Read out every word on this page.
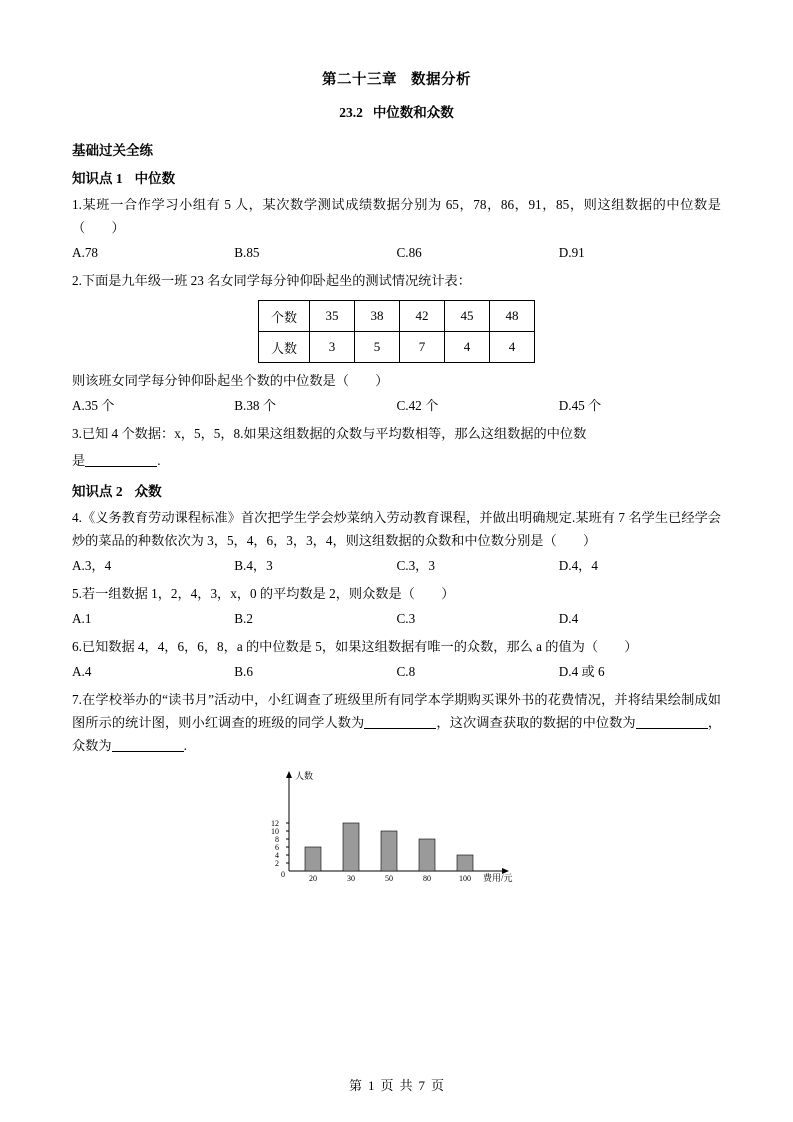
第二十三章 数据分析
23.2 中位数和众数
基础过关全练
知识点 1 中位数
1.某班一合作学习小组有 5 人，某次数学测试成绩数据分别为 65，78，86，91，85，则这组数据的中位数是（　　）
A.78	B.85	C.86	D.91
2.下面是九年级一班 23 名女同学每分钟仰卧起坐的测试情况统计表：
个数	35	38	42	45	48
人数	3	5	7	4	4
则该班女同学每分钟仰卧起坐个数的中位数是（　　）
A.35 个	B.38 个	C.42 个	D.45 个
3.已知 4 个数据：x，5，5，8.如果这组数据的众数与平均数相等，那么这组数据的中位数
是	.
知识点 2 众数
4.《义务教育劳动课程标准》首次把学生学会炒菜纳入劳动教育课程，并做出明确规定.某班有 7 名学生已经学会炒的菜品的种数依次为 3，5，4，6，3，3，4，则这组数据的众数和中位数分别是（　　）
A.3，4	B.4，3	C.3，3	D.4，4
5.若一组数据 1，2，4，3，x，0 的平均数是 2，则众数是（　　）
A.1	B.2	C.3	D.4
6.已知数据 4，4，6，6，8，a 的中位数是 5，如果这组数据有唯一的众数，那么 a 的值为（　　）
A.4	B.6	C.8	D.4 或 6
7.在学校举办的“读书月”活动中，小红调查了班级里所有同学本学期购买课外书的花费情况，并将结果绘制成如图所示的统计图，则小红调查的班级的同学人数为	，这次调查获取的数据的中位数为	，众数为	.
2
4
6
8
10
12
0
人数
20	30	50	80	100 费用/元
第 1 页 共 7 页
